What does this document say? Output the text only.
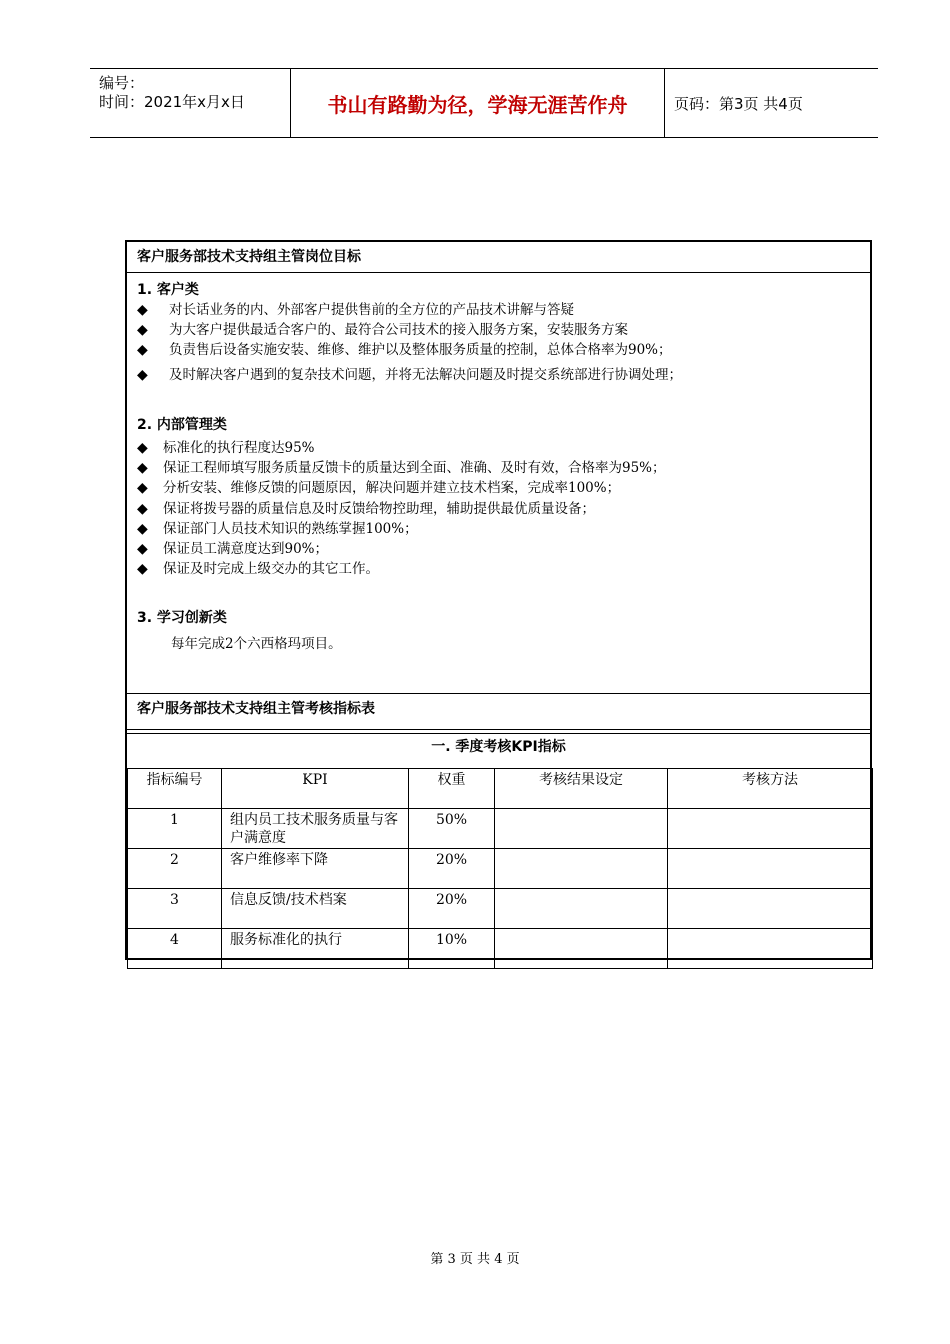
编号：
时间：2021年x月x日	书山有路勤为径，学海无涯苦作舟	页码：第3页 共4页
客户服务部技术支持组主管岗位目标
1. 客户类
◆ 对长话业务的内、外部客户提供售前的全方位的产品技术讲解与答疑
◆ 为大客户提供最适合客户的、最符合公司技术的接入服务方案，安装服务方案
◆ 负责售后设备实施安装、维修、维护以及整体服务质量的控制，总体合格率为90%；
◆ 及时解决客户遇到的复杂技术问题，并将无法解决问题及时提交系统部进行协调处理；
2. 内部管理类
◆ 标准化的执行程度达95%
◆ 保证工程师填写服务质量反馈卡的质量达到全面、准确、及时有效，合格率为95%；
◆ 分析安装、维修反馈的问题原因，解决问题并建立技术档案，完成率100%；
◆ 保证将拨号器的质量信息及时反馈给物控助理，辅助提供最优质量设备；
◆ 保证部门人员技术知识的熟练掌握100%；
◆ 保证员工满意度达到90%；
◆ 保证及时完成上级交办的其它工作。
3. 学习创新类
每年完成2个六西格玛项目。
客户服务部技术支持组主管考核指标表
一. 季度考核KPI指标
指标编号	KPI	权重	考核结果设定	考核方法
1	组内员工技术服务质量与客户满意度	50%		
2	客户维修率下降	20%		
3	信息反馈/技术档案	20%		
4	服务标准化的执行	10%		
第 3 页 共 4 页
